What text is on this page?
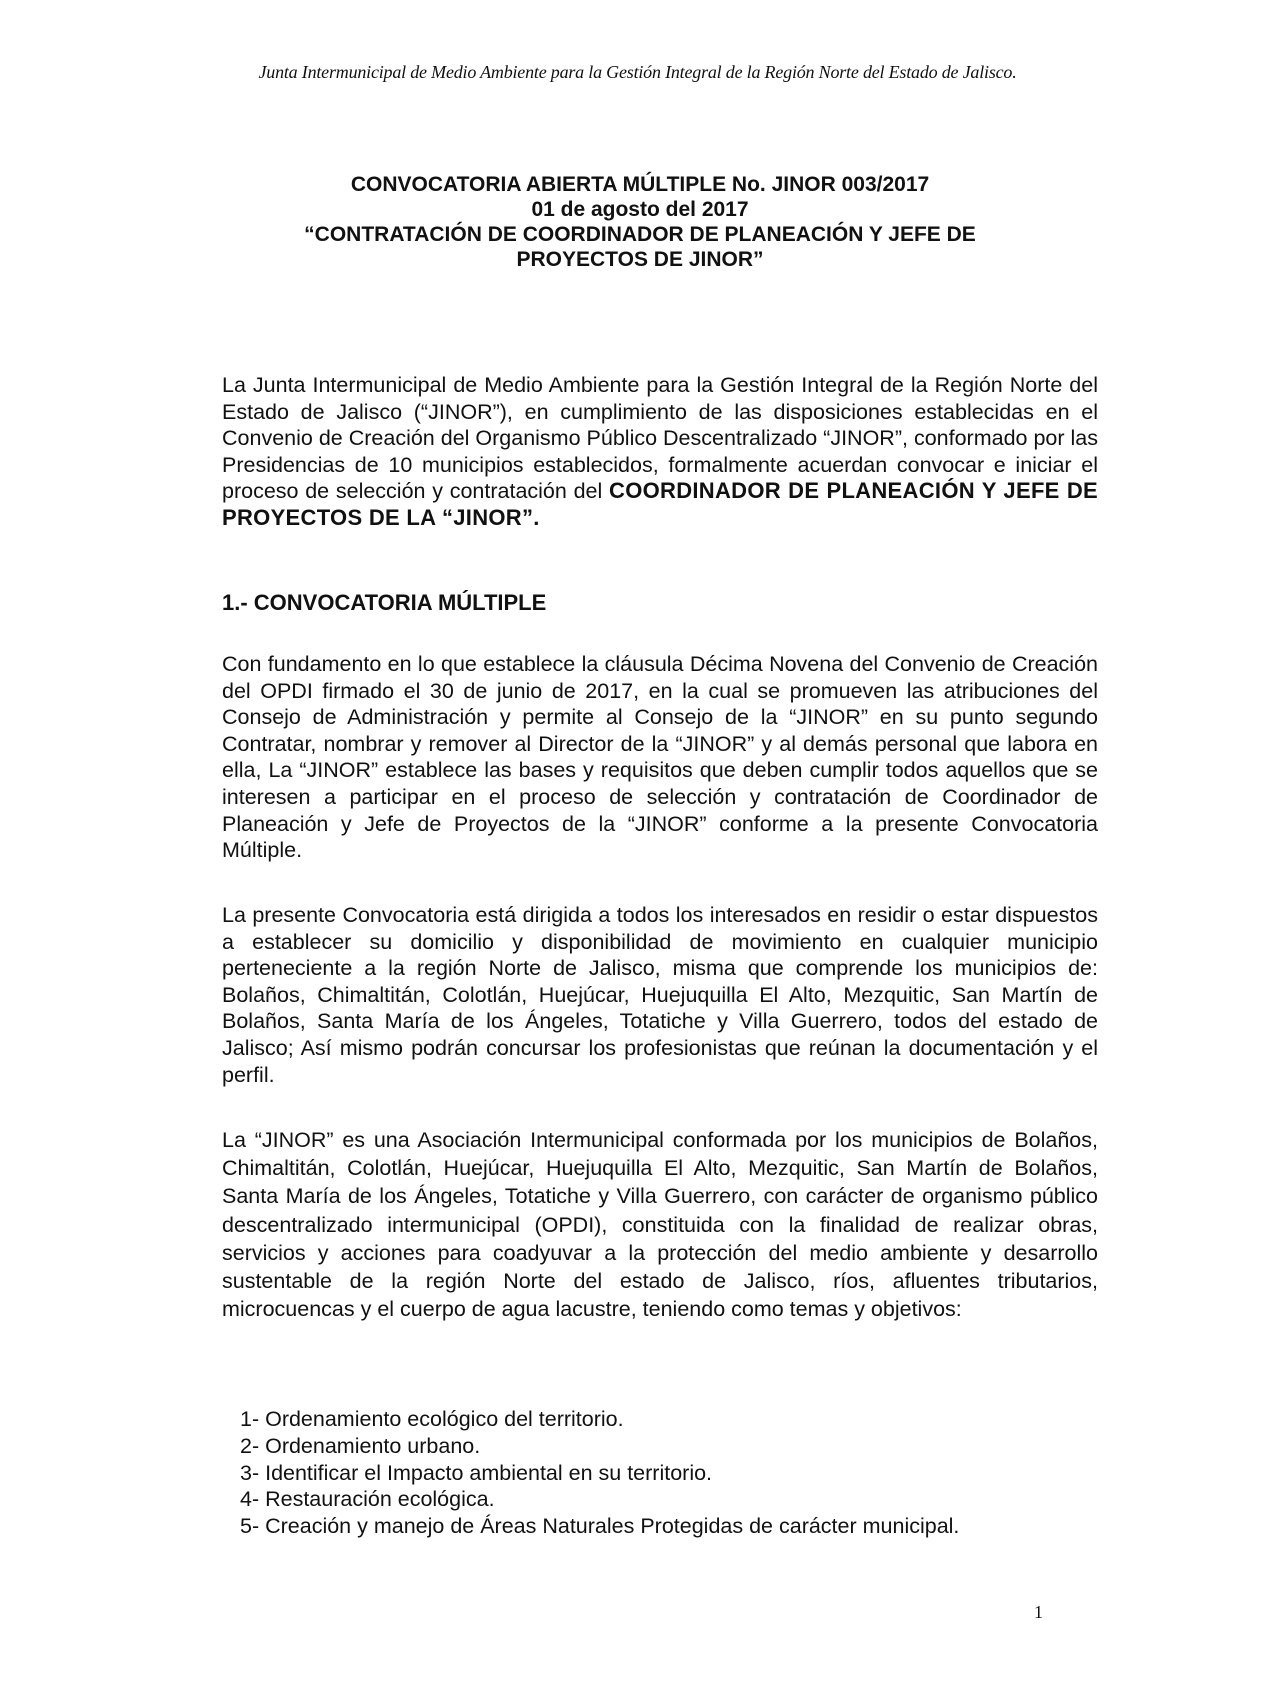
Junta Intermunicipal de Medio Ambiente para la Gestión Integral de la Región Norte del Estado de Jalisco.
CONVOCATORIA ABIERTA MÚLTIPLE No. JINOR 003/2017
01 de agosto del 2017
“CONTRATACIÓN DE COORDINADOR DE PLANEACIÓN Y JEFE DE
PROYECTOS DE JINOR”

La Junta Intermunicipal de Medio Ambiente para la Gestión Integral de la Región Norte del Estado de Jalisco (“JINOR”), en cumplimiento de las disposiciones establecidas en el Convenio de Creación del Organismo Público Descentralizado “JINOR”, conformado por las Presidencias de 10 municipios establecidos, formalmente acuerdan convocar e iniciar el proceso de selección y contratación del COORDINADOR DE PLANEACIÓN Y JEFE DE PROYECTOS DE LA “JINOR”.

1.- CONVOCATORIA MÚLTIPLE

Con fundamento en lo que establece la cláusula Décima Novena del Convenio de Creación del OPDI firmado el 30 de junio de 2017, en la cual se promueven las atribuciones del Consejo de Administración y permite al Consejo de la “JINOR” en su punto segundo Contratar, nombrar y remover al Director de la “JINOR” y al demás personal que labora en ella, La “JINOR” establece las bases y requisitos que deben cumplir todos aquellos que se interesen a participar en el proceso de selección y contratación de Coordinador de Planeación y Jefe de Proyectos de la “JINOR” conforme a la presente Convocatoria Múltiple.

La presente Convocatoria está dirigida a todos los interesados en residir o estar dispuestos a establecer su domicilio y disponibilidad de movimiento en cualquier municipio perteneciente a la región Norte de Jalisco, misma que comprende los municipios de: Bolaños, Chimaltitán, Colotlán, Huejúcar, Huejuquilla El Alto, Mezquitic, San Martín de Bolaños, Santa María de los Ángeles, Totatiche y Villa Guerrero, todos del estado de Jalisco; Así mismo podrán concursar los profesionistas que reúnan la documentación y el perfil.

La “JINOR” es una Asociación Intermunicipal conformada por los municipios de Bolaños, Chimaltitán, Colotlán, Huejúcar, Huejuquilla El Alto, Mezquitic, San Martín de Bolaños, Santa María de los Ángeles, Totatiche y Villa Guerrero, con carácter de organismo público descentralizado intermunicipal (OPDI), constituida con la finalidad de realizar obras, servicios y acciones para coadyuvar a la protección del medio ambiente y desarrollo sustentable de la región Norte del estado de Jalisco, ríos, afluentes tributarios, microcuencas y el cuerpo de agua lacustre, teniendo como temas y objetivos:

1- Ordenamiento ecológico del territorio.
2- Ordenamiento urbano.
3- Identificar el Impacto ambiental en su territorio.
4- Restauración ecológica.
5- Creación y manejo de Áreas Naturales Protegidas de carácter municipal.
1
